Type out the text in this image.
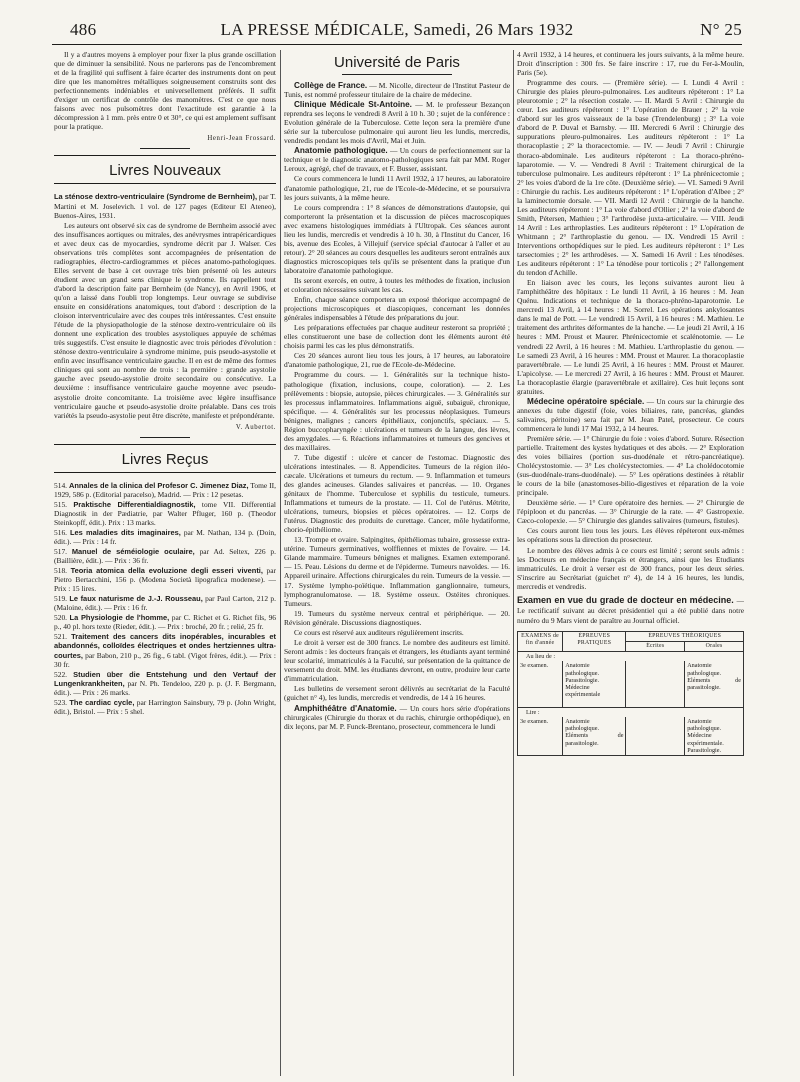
486	LA PRESSE MÉDICALE, Samedi, 26 Mars 1932	N° 25

Il y a d'autres moyens à employer pour fixer la plus grande oscillation que de diminuer la sensibilité. Nous ne parlerons pas de l'encombrement et de la fragilité qui suffisent à faire écarter des instruments dont on peut dire que les manomètres métalliques soigneusement construits sont des perfectionnements indéniables et universellement préférés. Il suffit d'exiger un certificat de contrôle des manomètres. C'est ce que nous faisons avec nos pulsomètres dont l'exactitude est garantie à la décompression à 1 mm. près entre 0 et 30°, ce qui est amplement suffisant pour la pratique.

Henri-Jean Frossard.
Livres Nouveaux

La sténose dextro-ventriculaire (Syndrome de Bernheim), par T. Martini et M. Joselevich. 1 vol. de 127 pages (Editeur El Ateneo), Buenos-Aires, 1931.

Les auteurs ont observé six cas de syndrome de Bernheim associé avec des insuffisances aortiques ou mitrales, des anévrysmes intrapéricardiques et avec deux cas de myocardies, syndrome décrit par J. Walser. Ces observations très complètes sont accompagnées de présentation de radiographies, électro-cardiogrammes et pièces anatomo-pathologiques. Elles servent de base à cet ouvrage très bien présenté où les auteurs étudient avec un grand sens clinique le syndrome. Ils rappellent tout d'abord la description faite par Bernheim (de Nancy), en Avril 1906, et qu'on a laissé dans l'oubli trop longtemps. Leur ouvrage se subdivise ensuite en considérations anatomiques, tout d'abord : description de la cloison interventriculaire avec des coupes très intéressantes. C'est ensuite l'étude de la physiopathologie de la sténose dextro-ventriculaire où ils donnent une explication des troubles asystoliques appuyée de schémas très suggestifs. C'est ensuite le diagnostic avec trois périodes d'évolution : sténose dextro-ventriculaire à syndrome minime, puis pseudo-asystolie et enfin avec insuffisance ventriculaire gauche. Il en est de même des formes cliniques qui sont au nombre de trois : la première : grande asystolie gauche avec pseudo-asystolie droite secondaire ou consécutive. La deuxième : insuffisance ventriculaire gauche moyenne avec pseudo-asystolie droite concomitante. La troisième avec légère insuffisance ventriculaire gauche et pseudo-asystolie droite préalable. Dans ces trois variétés la pseudo-asystolie peut être discrète, manifeste et prépondérante.

V. Aubertot.
Livres Reçus

514. Annales de la clinica del Profesor C. Jimenez Diaz, Tome II, 1929, 586 p. (Editorial paracelso), Madrid. — Prix : 12 pesetas.

515. Praktische Differentialdiagnostik, tome VII. Differential Diagnostik in der Pædiatrie, par Walter Pfluger, 160 p. (Theodor Steinkopff, édit.). Prix : 13 marks.

516. Les maladies dits imaginaires, par M. Nathan, 134 p. (Doin, édit.). — Prix : 14 fr.

517. Manuel de séméiologie oculaire, par Ad. Seltex, 226 p. (Baillière, édit.). — Prix : 36 fr.

518. Teoria atomica della evoluzione degli esseri viventi, par Pietro Bertacchini, 156 p. (Modena Società lipografica modenese). — Prix : 15 lires.

519. Le faux naturisme de J.-J. Rousseau, par Paul Carton, 212 p. (Maloine, édit.). — Prix : 16 fr.

520. La Physiologie de l'homme, par C. Richet et G. Richet fils, 96 p., 40 pl. hors texte (Rieder, édit.). — Prix : broché, 20 fr. ; relié, 25 fr.

521. Traitement des cancers dits inopérables, incurables et abandonnés, colloïdes électriques et ondes hertziennes ultra-courtes, par Babon, 210 p., 26 fig., 6 tabl. (Vigot frères, édit.). — Prix : 30 fr.

522. Studien über die Entstehung und den Vertauf der Lungenkrankheiten, par N. Ph. Tendeloo, 220 p. p. (J. F. Bergmann, édit.). — Prix : 26 marks.

523. The cardiac cycle, par Harrington Sainsbury, 79 p. (John Wright, édit.), Bristol. — Prix : 5 shel.

Université de Paris

Collège de France. — M. Nicolle, directeur de l'Institut Pasteur de Tunis, est nommé professeur titulaire de la chaire de médecine.

Clinique Médicale St-Antoine. — M. le professeur Bezançon reprendra ses leçons le vendredi 8 Avril à 10 h. 30 ; sujet de la conférence : Evolution générale de la Tuberculose. Cette leçon sera la première d'une série sur la tuberculose pulmonaire qui auront lieu les lundis, mercredis, vendredis pendant les mois d'Avril, Mai et Juin.

Anatomie pathologique. — Un cours de perfectionnement sur la technique et le diagnostic anatomo-pathologiques sera fait par MM. Roger Leroux, agrégé, chef de travaux, et F. Busser, assistant.

Ce cours commencera le lundi 11 Avril 1932, à 17 heures, au laboratoire d'anatomie pathologique, 21, rue de l'Ecole-de-Médecine, et se poursuivra les jours suivants, à la même heure.

Le cours comprendra : 1° 8 séances de démonstrations d'autopsie, qui comporteront la présentation et la discussion de pièces macroscopiques avec examens histologiques immédiats à l'Ultropak. Ces séances auront lieu les lundis, mercredis et vendredis à 10 h. 30, à l'Institut du Cancer, 16 bis, avenue des Ecoles, à Villejuif (service spécial d'autocar à l'aller et au retour). 2° 20 séances au cours desquelles les auditeurs seront entraînés aux diagnostics microscopiques tels qu'ils se présentent dans la pratique d'un laboratoire d'anatomie pathologique.

Ils seront exercés, en outre, à toutes les méthodes de fixation, inclusion et coloration nécessaires suivant les cas.

Enfin, chaque séance comportera un exposé théorique accompagné de projections microscopiques et diascopiques, concernant les données générales indispensables à l'étude des préparations du jour.

Les préparations effectuées par chaque auditeur resteront sa propriété ; elles constitueront une base de collection dont les éléments auront été choisis parmi les cas les plus démonstratifs.

Ces 20 séances auront lieu tous les jours, à 17 heures, au laboratoire d'anatomie pathologique, 21, rue de l'Ecole-de-Médecine.

Programme du cours. — 1. Généralités sur la technique histo-pathologique (fixation, inclusions, coupe, coloration). — 2. Les prélèvements : biopsie, autopsie, pièces chirurgicales. — 3. Généralités sur les processus inflammatoires. Inflammations aiguë, subaiguë, chronique, spécifique. — 4. Généralités sur les processus néoplasiques. Tumeurs bénignes, malignes ; cancers épithéliaux, conjonctifs, spéciaux. — 5. Région buccopharyngée : ulcérations et tumeurs de la langue, des lèvres, des amygdales. — 6. Réactions inflammatoires et tumeurs des gencives et des maxillaires.

7. Tube digestif : ulcère et cancer de l'estomac. Diagnostic des ulcérations intestinales. — 8. Appendicites. Tumeurs de la région iléo-cæcale. Ulcérations et tumeurs du rectum. — 9. Inflammation et tumeurs des glandes acineuses. Glandes salivaires et pancréas. — 10. Organes génitaux de l'homme. Tuberculose et syphilis du testicule, tumeurs. Inflammations et tumeurs de la prostate. — 11. Col de l'utérus. Métrite, ulcérations, tumeurs, biopsies et pièces opératoires. — 12. Corps de l'utérus. Diagnostic des produits de curettage. Cancer, môle hydatiforme, chorio-épithéliome.

13. Trompe et ovaire. Salpingites, épithéliomas tubaire, grossesse extra-utérine. Tumeurs germinatives, wolffiennes et mixtes de l'ovaire. — 14. Glande mammaire. Tumeurs bénignes et malignes. Examen extemporané. — 15. Peau. Lésions du derme et de l'épiderme. Tumeurs nævoïdes. — 16. Appareil urinaire. Affections chirurgicales du rein. Tumeurs de la vessie. — 17. Système lympho-poïétique. Inflammation ganglionnaire, tumeurs, lymphogranulomatose. — 18. Système osseux. Ostéites chroniques. Tumeurs.

19. Tumeurs du système nerveux central et périphérique. — 20. Révision générale. Discussions diagnostiques.

Ce cours est réservé aux auditeurs régulièrement inscrits.

Le droit à verser est de 300 francs. Le nombre des auditeurs est limité. Seront admis : les docteurs français et étrangers, les étudiants ayant terminé leur scolarité, immatriculés à la Faculté, sur présentation de la quittance de versement du droit. MM. les étudiants devront, en outre, produire leur carte d'immatriculation.

Les bulletins de versement seront délivrés au secrétariat de la Faculté (guichet n° 4), les lundis, mercredis et vendredis, de 14 à 16 heures.

Amphithéâtre d'Anatomie. — Un cours hors série d'opérations chirurgicales (Chirurgie du thorax et du rachis, chirurgie orthopédique), en dix leçons, par M. P. Funck-Brentano, prosecteur, commencera le lundi

4 Avril 1932, à 14 heures, et continuera les jours suivants, à la même heure. Droit d'inscription : 300 frs. Se faire inscrire : 17, rue du Fer-à-Moulin, Paris (5e).

Programme des cours. — (Première série). — I. Lundi 4 Avril : Chirurgie des plaies pleuro-pulmonaires. Les auditeurs répéteront : 1° La pleurotomie ; 2° la résection costale. — II. Mardi 5 Avril : Chirurgie du cœur. Les auditeurs répéteront : 1° L'opération de Brauer ; 2° la voie d'abord sur les gros vaisseaux de la base (Trendelenburg) ; 3° La voie d'abord de P. Duval et Barnsby. — III. Mercredi 6 Avril : Chirurgie des suppurations pleuro-pulmonaires. Les auditeurs répéteront : 1° La thoracoplastie ; 2° la thoracectomie. — IV. — Jeudi 7 Avril : Chirurgie thoraco-abdominale. Les auditeurs répéteront : La thoraco-phréno-laparotomie. — V. — Vendredi 8 Avril : Traitement chirurgical de la tuberculose pulmonaire. Les auditeurs répéteront : 1° La phrénicectomie ; 2° les voies d'abord de la 1re côte. (Deuxième série). — VI. Samedi 9 Avril : Chirurgie du rachis. Les auditeurs répéteront : 1° L'opération d'Albee ; 2° la laminectomie dorsale. — VII. Mardi 12 Avril : Chirurgie de la hanche. Les auditeurs répéteront : 1° La voie d'abord d'Ollier ; 2° la voie d'abord de Smith, Pétersen, Mathieu ; 3° l'arthrodèse juxta-articulaire. — VIII. Jeudi 14 Avril : Les arthroplasties. Les auditeurs répéteront : 1° L'opération de Whitmann ; 2° l'arthroplastie du genou. — IX. Vendredi 15 Avril : Interventions orthopédiques sur le pied. Les auditeurs répéteront : 1° Les tarsectomies ; 2° les arthrodèses. — X. Samedi 16 Avril : Les ténodèses. Les auditeurs répéteront : 1° La ténodèse pour torticolis ; 2° l'allongement du tendon d'Achille.

En liaison avec les cours, les leçons suivantes auront lieu à l'amphithéâtre des hôpitaux : Le lundi 11 Avril, à 16 heures : M. Jean Quénu. Indications et technique de la thoraco-phréno-laparotomie. Le mercredi 13 Avril, à 14 heures : M. Sorrel. Les opérations ankylosantes dans le mal de Pott. — Le vendredi 15 Avril, à 16 heures : M. Mathieu. Le traitement des arthrites déformantes de la hanche. — Le jeudi 21 Avril, à 16 heures : MM. Proust et Maurer. Phrénicectomie et scalénotomie. — Le vendredi 22 Avril, à 16 heures : M. Mathieu. L'arthroplastie du genou. — Le samedi 23 Avril, à 16 heures : MM. Proust et Maurer. La thoracoplastie paravertébrale. — Le lundi 25 Avril, à 16 heures : MM. Proust et Maurer. L'apicolyse. — Le mercredi 27 Avril, à 16 heures : MM. Proust et Maurer. La thoracoplastie élargie (paravertébrale et axillaire). Ces huit leçons sont gratuites.

Médecine opératoire spéciale. — Un cours sur la chirurgie des annexes du tube digestif (foie, voies biliaires, rate, pancréas, glandes salivaires, péritoine) sera fait par M. Jean Patel, prosecteur. Ce cours commencera le lundi 17 Mai 1932, à 14 heures.

Première série. — 1° Chirurgie du foie : voies d'abord. Suture. Résection partielle. Traitement des kystes hydatiques et des abcès. — 2° Exploration des voies biliaires (portion sus-duodénale et rétro-pancréatique). Cholécystostomie. — 3° Les cholécystectomies. — 4° La cholédocotomie (sus-duodénale-trans-duodénale). — 5° Les opérations destinées à rétablir le cours de la bile (anastomoses-bilio-digestives et réparation de la voie principale.

Deuxième série. — 1° Cure opératoire des hernies. — 2° Chirurgie de l'épiploon et du pancréas. — 3° Chirurgie de la rate. — 4° Gastropexie. Cæco-colopexie. — 5° Chirurgie des glandes salivaires (tumeurs, fistules).

Ces cours auront lieu tous les jours. Les élèves répéteront eux-mêmes les opérations sous la direction du prosecteur.

Le nombre des élèves admis à ce cours est limité ; seront seuls admis : les Docteurs en médecine français et étrangers, ainsi que les Etudiants immatriculés. Le droit à verser est de 300 francs, pour les deux séries. S'inscrire au Secrétariat (guichet n° 4), de 14 à 16 heures, les lundis, mercredis et vendredis.

Examen en vue du grade de docteur en médecine. — Le rectificatif suivant au décret présidentiel qui a été publié dans notre numéro du 9 Mars vient de paraître au Journal officiel.

EXAMENS de fin d'année	ÉPREUVES PRATIQUES	ÉPREUVES THÉORIQUES	
		Écrites	Orales
Au lieu de :			
3e examen.	Anatomie pathologique. Parasitologie. Médecine expérimentale		Anatomie pathologique. Eléments de parasitologie.
Lire :			
3e examen.	Anatomie pathologique. Eléments de parasitologie.		Anatomie pathologique. Médecine expérimentale. Parasitologie.
